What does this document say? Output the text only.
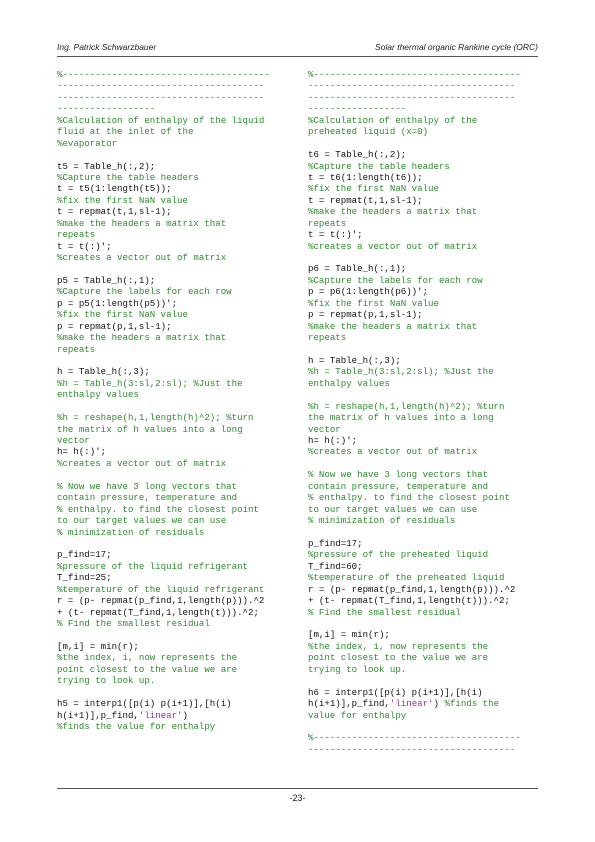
Ing. Patrick Schwarzbauer	Solar thermal organic Rankine cycle (ORC)
%--------------------------------------
--------------------------------------
--------------------------------------
------------------
%Calculation of enthalpy of the liquid
fluid at the inlet of the
%evaporator
t5 = Table_h(:,2);
%Capture the table headers
t = t5(1:length(t5));
%fix the first NaN value
t = repmat(t,1,sl-1);
%make the headers a matrix that
repeats
t = t(:)';
%creates a vector out of matrix
p5 = Table_h(:,1);
%Capture the labels for each row
p = p5(1:length(p5))';
%fix the first NaN value
p = repmat(p,1,sl-1);
%make the headers a matrix that
repeats
h = Table_h(:,3);
%h = Table_h(3:sl,2:sl); %Just the
enthalpy values
%h = reshape(h,1,length(h)^2); %turn
the matrix of h values into a long
vector
h= h(:)';
%creates a vector out of matrix
% Now we have 3 long vectors that
contain pressure, temperature and
% enthalpy. to find the closest point
to our target values we can use
% minimization of residuals
p_find=17;
%pressure of the liquid refrigerant
T_find=25;
%temperature of the liquid refrigerant
r = (p- repmat(p_find,1,length(p))).^2
+ (t- repmat(T_find,1,length(t))).^2;
% Find the smallest residual
[m,i] = min(r);
%the index, i, now represents the
point closest to the value we are
trying to look up.
h5 = interp1([p(i) p(i+1)],[h(i)
h(i+1)],p_find,'linear')
%finds the value for enthalpy
%--------------------------------------
--------------------------------------
--------------------------------------
------------------
%Calculation of enthalpy of the
preheated liquid (x=0)
t6 = Table_h(:,2);
%Capture the table headers
t = t6(1:length(t6));
%fix the first NaN value
t = repmat(t,1,sl-1);
%make the headers a matrix that
repeats
t = t(:)';
%creates a vector out of matrix
p6 = Table_h(:,1);
%Capture the labels for each row
p = p6(1:length(p6))';
%fix the first NaN value
p = repmat(p,1,sl-1);
%make the headers a matrix that
repeats
h = Table_h(:,3);
%h = Table_h(3:sl,2:sl); %Just the
enthalpy values
%h = reshape(h,1,length(h)^2); %turn
the matrix of h values into a long
vector
h= h(:)';
%creates a vector out of matrix
% Now we have 3 long vectors that
contain pressure, temperature and
% enthalpy. to find the closest point
to our target values we can use
% minimization of residuals
p_find=17;
%pressure of the preheated liquid
T_find=60;
%temperature of the preheated liquid
r = (p- repmat(p_find,1,length(p))).^2
+ (t- repmat(T_find,1,length(t))).^2;
% Find the smallest residual
[m,i] = min(r);
%the index, i, now represents the
point closest to the value we are
trying to look up.
h6 = interp1([p(i) p(i+1)],[h(i)
h(i+1)],p_find,'linear') %finds the
value for enthalpy
%--------------------------------------
--------------------------------------
-23-
